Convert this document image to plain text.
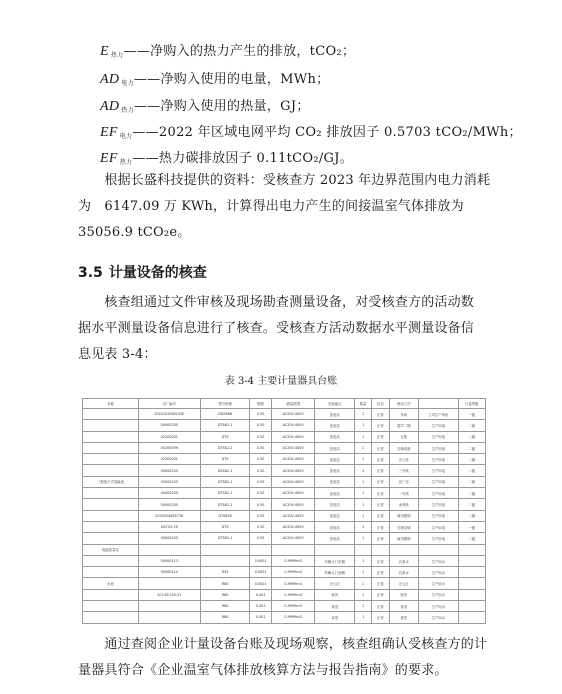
E $_{热力}$——净购入的热力产生的排放，tCO₂；
AD $_{电力}$——净购入使用的电量，MWh；
AD $_{热力}$——净购入使用的热量，GJ；
EF $_{电力}$——2022 年区域电网平均 CO₂ 排放因子 0.5703 tCO₂/MWh；
EF $_{热力}$——热力碳排放因子 0.11tCO₂/GJ。
　　根据长盛科技提供的资料：受核查方 2023 年边界范围内电力消耗
为　6147.09 万 KWh，计算得出电力产生的间接温室气体排放为
35056.9 tCO₂e。
3.5 计量设备的核查
　　核查组通过文件审核及现场勘查测量设备，对受核查方的活动数
据水平测量设备信息进行了核查。受核查方活动数据水平测量设备信
息见表 3-4：
表 3-4 主要计量器具台账
名称	出厂编号	型号规格	精度	测量范围	安装地点	数量	状态	使用工序		计量等级
	2020101060143E	DDS666	0.5S	AC20V-400V	变电站	1	正常	车间	公司生产用电	一级
	00000205	DTS62-1	0.5S	AC20V-400V	变电站	1	正常	超声二期	生产用电	二级
	02200031	DTS	0.5S	AC20V-400V	变电站	1	正常	五栋	生产用电	二级
	04100099	DTS62-2	0.5S	AC20V-400V	变电站	1	正常	空调设备	生产用电	二级
	02200031	DTS	0.5S	AC20V-400V	变电站	1	正常	办公室	生产用电	二级
	00000205	DSS62-1	0.5S	AC20V-400V	变电站	1	正常	三号线	生产用电	二级
三相电子式电能表	00000205	DTS62-1	0.5S	AC20V-400V	变电站	1	正常	北厂房	生产用电	二级
	00000205	DTS62-1	0.5S	AC20V-400V	变电站	1	正常	一号线	生产用电	二级
	00000205	DTS62-1	0.5S	AC20V-400V	变电站	1	正常	冰剂机	生产用电	二级
	2020024655776	DTS634	0.5S	AC20V-400V	变电站	1	正常	商用照明	生产用电	二级
	DS703-78	DTS	0.5S	AC20V-400V	变电站	1	正常	空调空调	生产用电	一级
	00000205	DTS62-1	0.5S	AC20V-400V	变电站	1	正常	商用照明	生产用电	二级
电能质量仪										
	00000113		0.0001	0-9999m3	车辆大门东侧	1	正常	自来水	生产用水	
	00000114	R35	0.0001	0-9999m3	车辆大门西侧	1	正常	自来水	生产用水	
水表		R80	0.0001	0-9999m3	办公区	1	正常	办公区	生产用水	
	2013年193-01	R80	0.001	0-9999m3	宿舍	1	正常	宿舍	生产用水	
		R80	0.001	0-9999m3	食堂	1	正常	食堂	生产用水	
		R80	0.001	0-9999m3	食堂	1	正常	食堂	生产用水	
　　通过查阅企业计量设备台账及现场观察，核查组确认受核查方的计
量器具符合《企业温室气体排放核算方法与报告指南》的要求。
